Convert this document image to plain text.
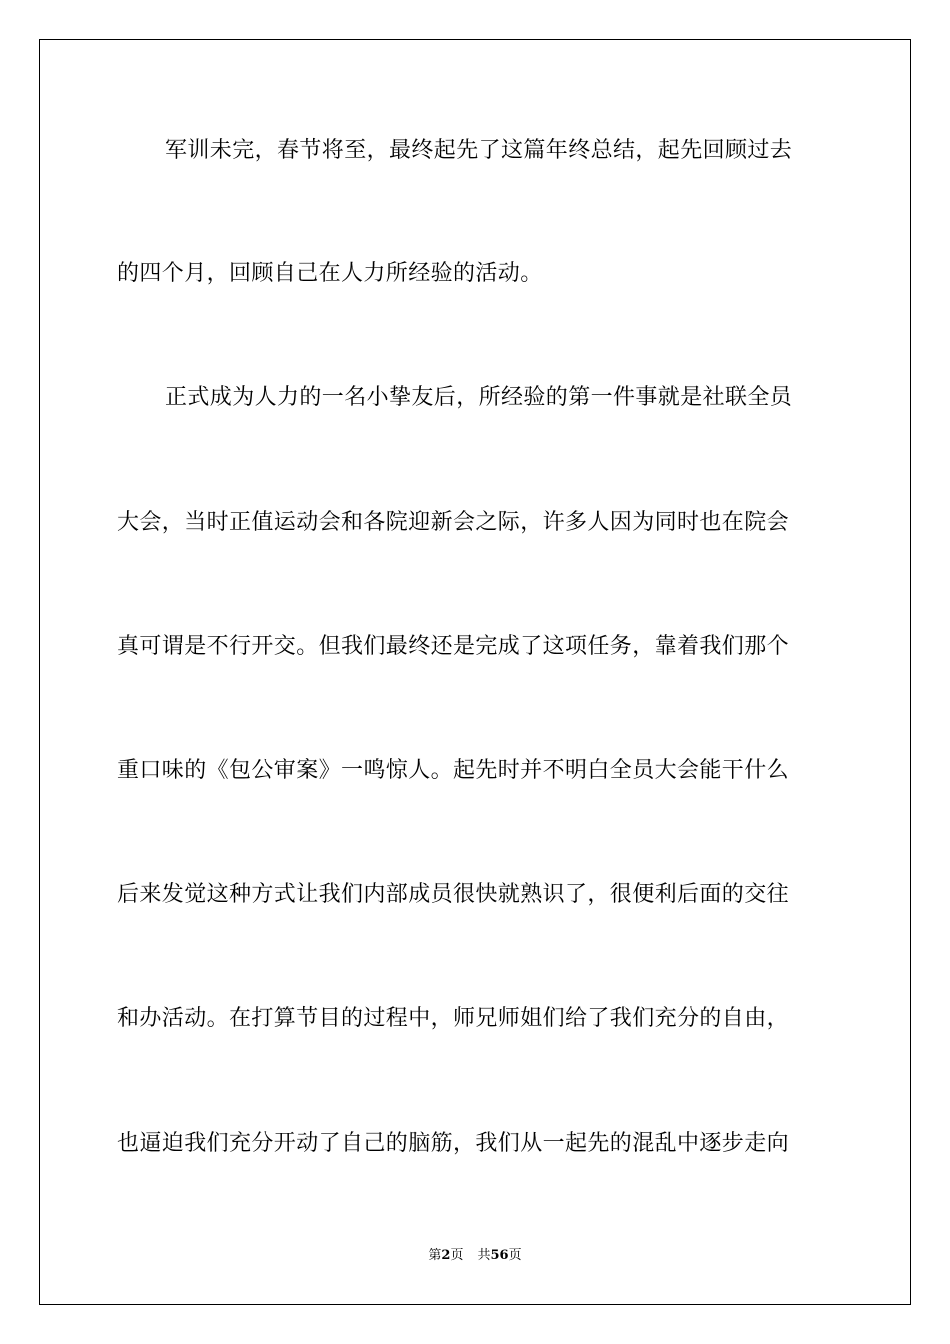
军训未完，春节将至，最终起先了这篇年终总结，起先回顾过去
的四个月，回顾自己在人力所经验的活动。
正式成为人力的一名小挚友后，所经验的第一件事就是社联全员
大会，当时正值运动会和各院迎新会之际，许多人因为同时也在院会
真可谓是不行开交。但我们最终还是完成了这项任务，靠着我们那个
重口味的《包公审案》一鸣惊人。起先时并不明白全员大会能干什么
后来发觉这种方式让我们内部成员很快就熟识了，很便利后面的交往
和办活动。在打算节目的过程中，师兄师姐们给了我们充分的自由，
也逼迫我们充分开动了自己的脑筋，我们从一起先的混乱中逐步走向
第2页 共56页
